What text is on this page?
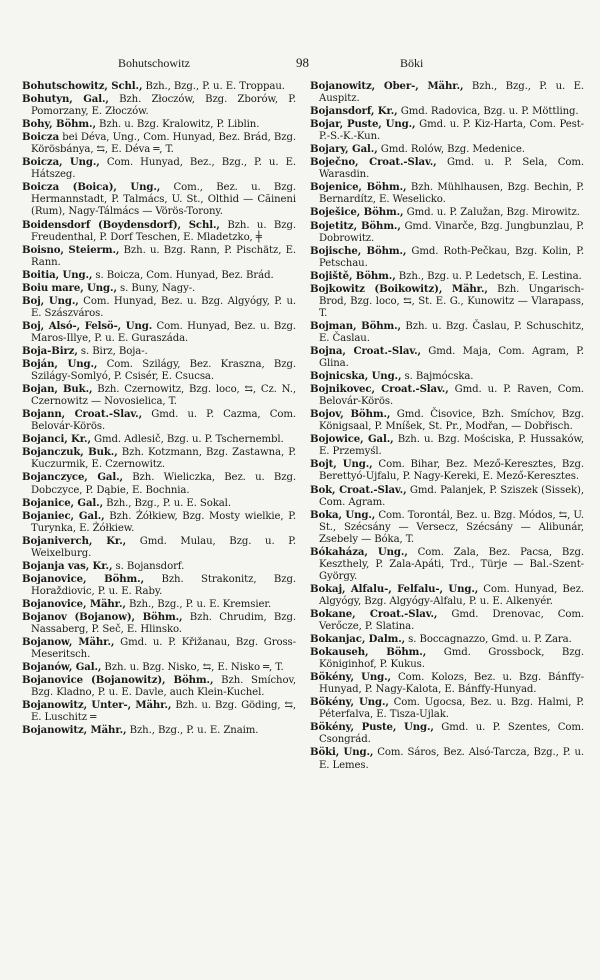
Bohutschowitz	98	Böki

Bohutschowitz, Schl., Bzh., Bzg., P. u. E. Troppau.

Bohutyn, Gal., Bzh. Złoczów, Bzg. Zborów, P. Pomorzany, E. Złoczów.

Bohy, Böhm., Bzh. u. Bzg. Kralowitz, P. Liblin.

Boicza bei Déva, Ung., Com. Hunyad, Bez. Brád, Bzg. Körösbánya, ⇆, E. Déva ═, T.

Boicza, Ung., Com. Hunyad, Bez., Bzg., P. u. E. Hátszeg.

Boicza (Boica), Ung., Com., Bez. u. Bzg. Hermannstadt, P. Talmács, U. St., Olthid — Căineni (Rum), Nagy-Tálmács — Vörös-Torony.

Boidensdorf (Boydensdorf), Schl., Bzh. u. Bzg. Freudenthal, P. Dorf Teschen, E. Mladetzko, ╪

Boisno, Steierm., Bzh. u. Bzg. Rann, P. Pischätz, E. Rann.

Boitia, Ung., s. Boicza, Com. Hunyad, Bez. Brád.

Boiu mare, Ung., s. Buny, Nagy-.

Boj, Ung., Com. Hunyad, Bez. u. Bzg. Algyógy, P. u. E. Szászváros.

Boj, Alsó-, Felsö-, Ung. Com. Hunyad, Bez. u. Bzg. Maros-Illye, P. u. E. Guraszáda.

Boja-Birz, s. Birz, Boja-.

Boján, Ung., Com. Szilágy, Bez. Kraszna, Bzg. Szilágy-Somlyó, P. Csisér, E. Csucsa.

Bojan, Buk., Bzh. Czernowitz, Bzg. loco, ⇆, Cz. N., Czernowitz — Novosielica, T.

Bojann, Croat.-Slav., Gmd. u. P. Cazma, Com. Belovár-Körös.

Bojanci, Kr., Gmd. Adlesič, Bzg. u. P. Tschernembl.

Bojanczuk, Buk., Bzh. Kotzmann, Bzg. Zastawna, P. Kuczurmik, E. Czernowitz.

Bojanczyce, Gal., Bzh. Wieliczka, Bez. u. Bzg. Dobczyce, P. Dąbie, E. Bochnia.

Bojanice, Gal., Bzh., Bzg., P. u. E. Sokal.

Bojaniec, Gal., Bzh. Żółkiew, Bzg. Mosty wielkie, P. Turynka, E. Żółkiew.

Bojaniverch, Kr., Gmd. Mulau, Bzg. u. P. Weixelburg.

Bojanja vas, Kr., s. Bojansdorf.

Bojanovice, Böhm., Bzh. Strakonitz, Bzg. Horaždiovic, P. u. E. Raby.

Bojanovice, Mähr., Bzh., Bzg., P. u. E. Kremsier.

Bojanov (Bojanow), Böhm., Bzh. Chrudim, Bzg. Nassaberg, P. Seč, E. Hlinsko.

Bojanow, Mähr., Gmd. u. P. Křižanau, Bzg. Gross-Meseritsch.

Bojanów, Gal., Bzh. u. Bzg. Nisko, ⇆, E. Nisko ═, T.

Bojanovice (Bojanowitz), Böhm., Bzh. Smíchov, Bzg. Kladno, P. u. E. Davle, auch Klein-Kuchel.

Bojanowitz, Unter-, Mähr., Bzh. u. Bzg. Göding, ⇆, E. Luschitz ═

Bojanowitz, Mähr., Bzh., Bzg., P. u. E. Znaim.

Bojanowitz, Ober-, Mähr., Bzh., Bzg., P. u. E. Auspitz.

Bojansdorf, Kr., Gmd. Radovica, Bzg. u. P. Möttling.

Bojar, Puste, Ung., Gmd. u. P. Kiz-Harta, Com. Pest-P.-S.-K.-Kun.

Bojary, Gal., Gmd. Rolów, Bzg. Medenice.

Boječno, Croat.-Slav., Gmd. u. P. Sela, Com. Warasdin.

Bojenice, Böhm., Bzh. Mühlhausen, Bzg. Bechin, P. Bernardítz, E. Weselicko.

Boješice, Böhm., Gmd. u. P. Zalužan, Bzg. Mirowitz.

Bojetitz, Böhm., Gmd. Vinarče, Bzg. Jungbunzlau, P. Dobrowitz.

Bojische, Böhm., Gmd. Roth-Pečkau, Bzg. Kolin, P. Petschau.

Bojiště, Böhm., Bzh., Bzg. u. P. Ledetsch, E. Lestina.

Bojkowitz (Boikowitz), Mähr., Bzh. Ungarisch-Brod, Bzg. loco, ⇆, St. E. G., Kunowitz — Vlarapass, T.

Bojman, Böhm., Bzh. u. Bzg. Časlau, P. Schuschitz, E. Časlau.

Bojna, Croat.-Slav., Gmd. Maja, Com. Agram, P. Glina.

Bojnicska, Ung., s. Bajmócska.

Bojnikovec, Croat.-Slav., Gmd. u. P. Raven, Com. Belovár-Körös.

Bojov, Böhm., Gmd. Čisovice, Bzh. Smíchov, Bzg. Königsaal, P. Mníšek, St. Pr., Modřan, — Dobřisch.

Bojowice, Gal., Bzh. u. Bzg. Mościska, P. Hussaków, E. Przemyśl.

Bojt, Ung., Com. Bihar, Bez. Mező-Keresztes, Bzg. Berettyó-Ujfalu, P. Nagy-Kereki, E. Mező-Keresztes.

Bok, Croat.-Slav., Gmd. Palanjek, P. Sziszek (Sissek), Com. Agram.

Boka, Ung., Com. Torontál, Bez. u. Bzg. Módos, ⇆, U. St., Szécsány — Versecz, Szécsány — Alibunár, Zsebely — Bóka, T.

Bókaháza, Ung., Com. Zala, Bez. Pacsa, Bzg. Keszthely, P. Zala-Apáti, Trd., Türje — Bal.-Szent-György.

Bokaj, Alfalu-, Felfalu-, Ung., Com. Hunyad, Bez. Algyógy, Bzg. Algyógy-Alfalu, P. u. E. Alkenyér.

Bokane, Croat.-Slav., Gmd. Drenovac, Com. Verőcze, P. Slatina.

Bokanjac, Dalm., s. Boccagnazzo, Gmd. u. P. Zara.

Bokauseh, Böhm., Gmd. Grossbock, Bzg. Königinhof, P. Kukus.

Bökény, Ung., Com. Kolozs, Bez. u. Bzg. Bánffy-Hunyad, P. Nagy-Kalota, E. Bánffy-Hunyad.

Bökény, Ung., Com. Ugocsa, Bez. u. Bzg. Halmi, P. Péterfalva, E. Tisza-Ujlak.

Bökény, Puste, Ung., Gmd. u. P. Szentes, Com. Csongrád.

Böki, Ung., Com. Sáros, Bez. Alsó-Tarcza, Bzg., P. u. E. Lemes.
